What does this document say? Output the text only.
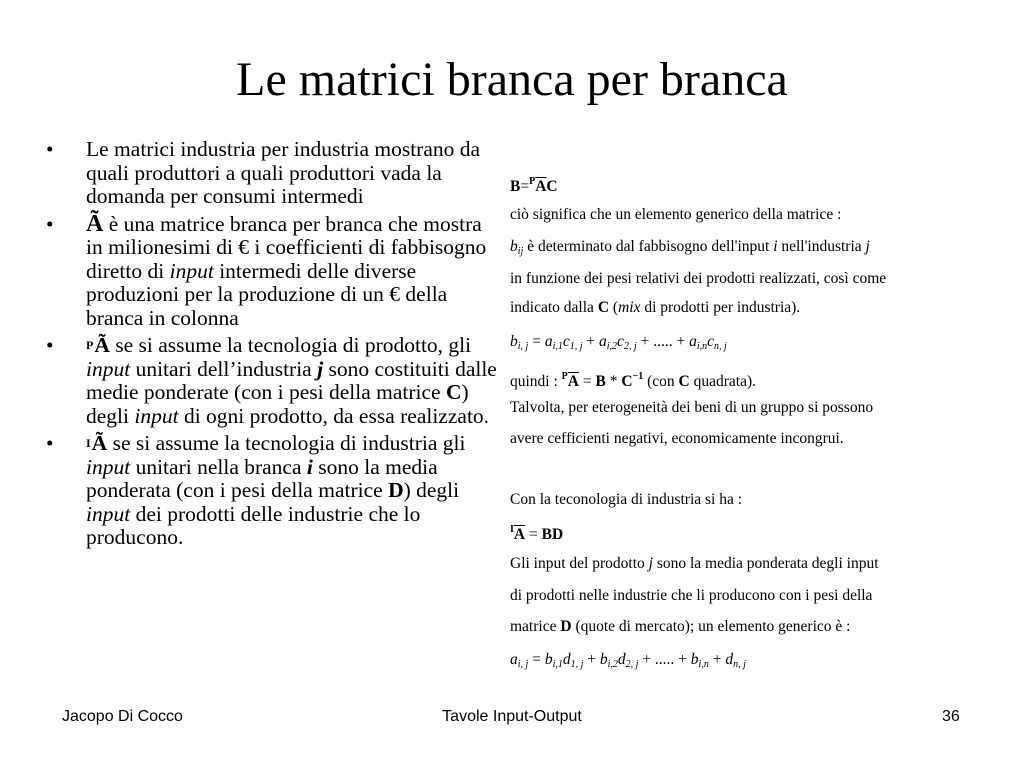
Le matrici branca per branca
• Le matrici industria per industria mostrano da quali produttori a quali produttori vada la domanda per consumi intermedi
• Ã è una matrice branca per branca che mostra in milionesimi di € i coefficienti di fabbisogno diretto di input intermedi delle diverse produzioni per la produzione di un € della branca in colonna
• $^P$Ã se si assume la tecnologia di prodotto, gli input unitari dell’industria j sono costituiti dalle medie ponderate (con i pesi della matrice C) degli input di ogni prodotto, da essa realizzato.
• $^I$Ã se si assume la tecnologia di industria gli input unitari nella branca i sono la media ponderata (con i pesi della matrice D) degli input dei prodotti delle industrie che lo producono.
$B=^P\overline{A}C$
ciò significa che un elemento generico della matrice :
$b_{ij}$ è determinato dal fabbisogno dell'input i nell'industria j
in funzione dei pesi relativi dei prodotti realizzati, così come
indicato dalla C (mix di prodotti per industria).
$b_{i, j} = a_{i,1}c_{1, j} + a_{i,2}c_{2, j}$ + ..... + $a_{i,n}c_{n, j}$
quindi : $^P\overline{A} = B * C^{-1}$ (con C quadrata).
Talvolta, per eterogeneità dei beni di un gruppo si possono
avere cefficienti negativi, economicamente incongrui.
Con la teconologia di industria si ha :
$^I\overline{A}$ = BD
Gli input del prodotto j sono la media ponderata degli input
di prodotti nelle industrie che li producono con i pesi della
matrice D (quote di mercato); un elemento generico è :
$a_{i, j} = b_{i,1}d_{1, j} + b_{i,2}d_{2, j}$ + ..... + $b_{i,n} + d_{n, j}$
Jacopo Di Cocco	Tavole Input-Output	36
